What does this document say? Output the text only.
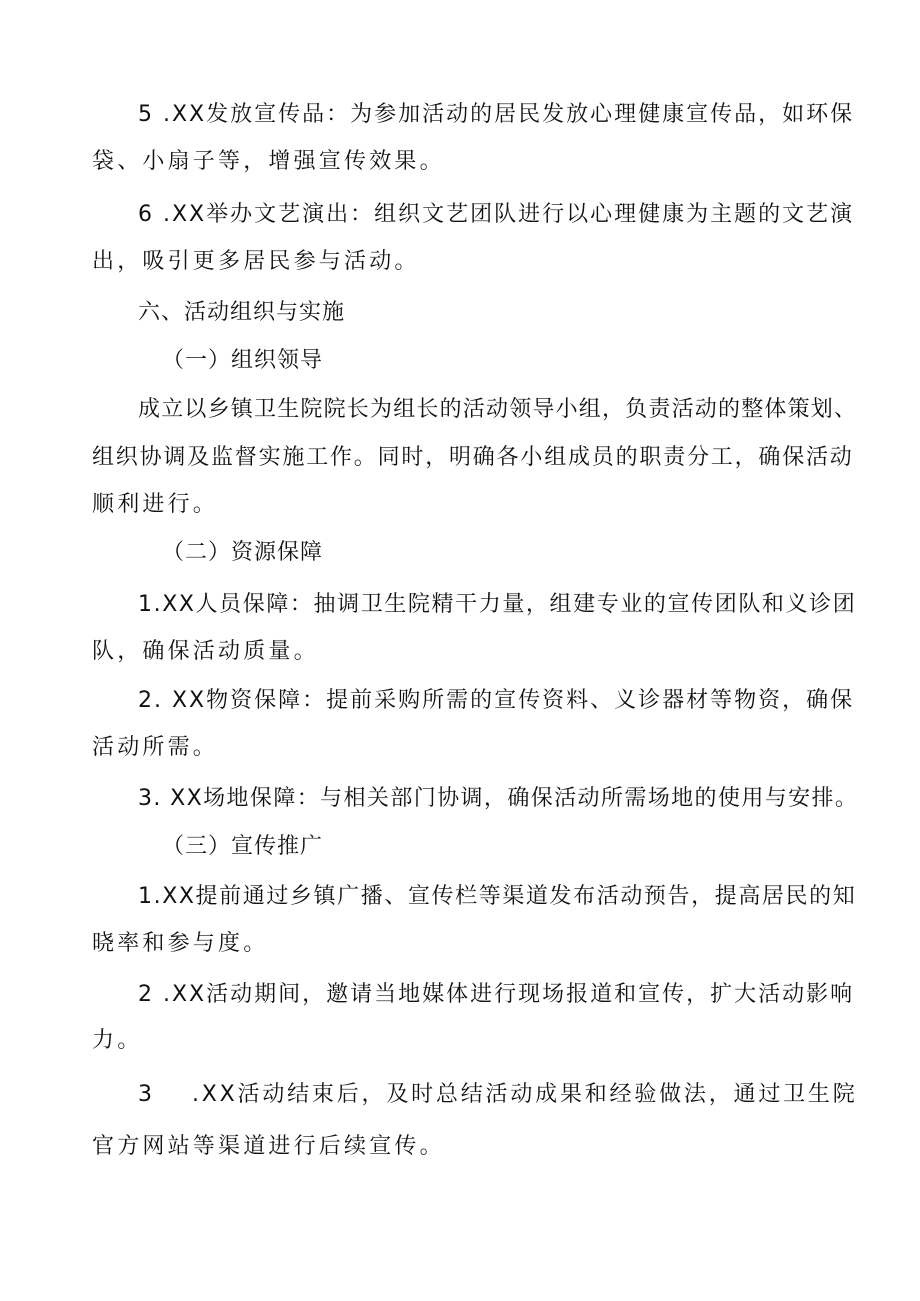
5 .XX发放宣传品：为参加活动的居民发放心理健康宣传品，如环保
袋、小扇子等，增强宣传效果。
6 .XX举办文艺演出：组织文艺团队进行以心理健康为主题的文艺演
出，吸引更多居民参与活动。
六、活动组织与实施
（一）组织领导
成立以乡镇卫生院院长为组长的活动领导小组，负责活动的整体策划、
组织协调及监督实施工作。同时，明确各小组成员的职责分工，确保活动
顺利进行。
（二）资源保障
1.XX人员保障：抽调卫生院精干力量，组建专业的宣传团队和义诊团
队，确保活动质量。
2. XX物资保障：提前采购所需的宣传资料、义诊器材等物资，确保
活动所需。
3. XX场地保障：与相关部门协调，确保活动所需场地的使用与安排。
（三）宣传推广
1.XX提前通过乡镇广播、宣传栏等渠道发布活动预告，提高居民的知
晓率和参与度。
2 .XX活动期间，邀请当地媒体进行现场报道和宣传，扩大活动影响
力。
3 .XX活动结束后，及时总结活动成果和经验做法，通过卫生院
官方网站等渠道进行后续宣传。
